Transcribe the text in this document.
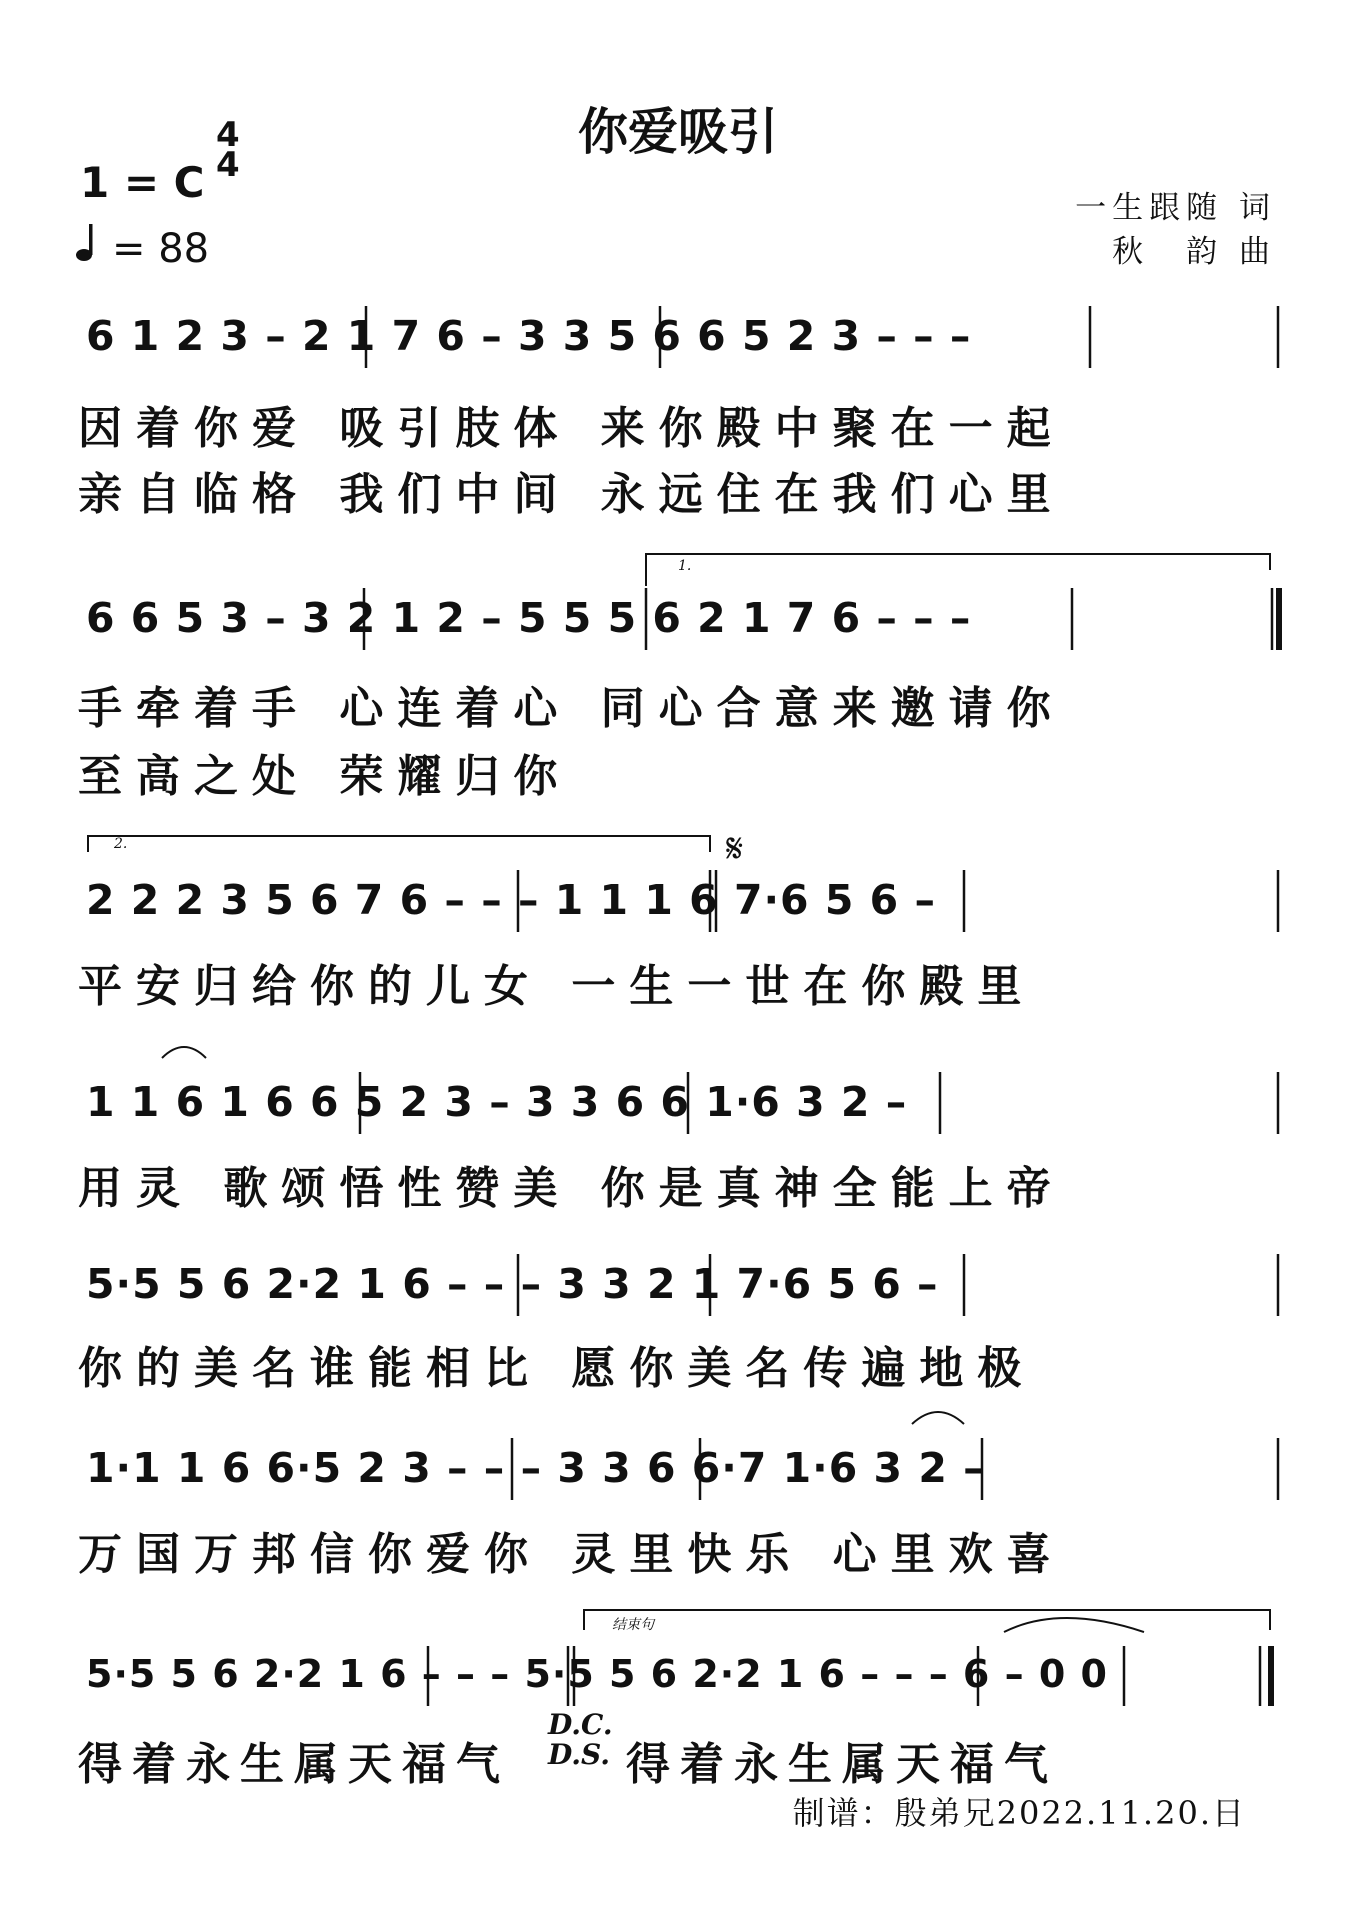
你爱吸引
1 = C
4
4
= 88
一生跟随 词
秋　韵 曲
6 1 2 3 – 2 1 7 6 – 3 3 5 6 6 5 2 3 – – –
因着你爱 吸引肢体 来你殿中聚在一起
亲自临格 我们中间 永远住在我们心里
1.
6 6 5 3 – 3 2 1 2 – 5 5 5 6 2 1 7 6 – – –
手牵着手 心连着心 同心合意来邀请你
至高之处 荣耀归你
2.	𝄋
2 2 2 3 5 6 7 6 – – – 1 1 1 6 7·6 5 6 –
平安归给你的儿女 一生一世在你殿里
1 1 6 1 6 6 5 2 3 – 3 3 6 6 1·6 3 2 –
用灵 歌颂悟性赞美 你是真神全能上帝
5·5 5 6 2·2 1 6 – – – 3 3 2 1 7·6 5 6 –
你的美名谁能相比 愿你美名传遍地极
1·1 1 6 6·5 2 3 – – – 3 3 6 6·7 1·6 3 2 –
万国万邦信你爱你 灵里快乐 心里欢喜
结束句
5·5 5 6 2·2 1 6 – – – 5·5 5 6 2·2 1 6 – – – 6 – 0 0
得着永生属天福气
D.C.
D.S. 得着永生属天福气
制谱：殷弟兄2022.11.20.日
